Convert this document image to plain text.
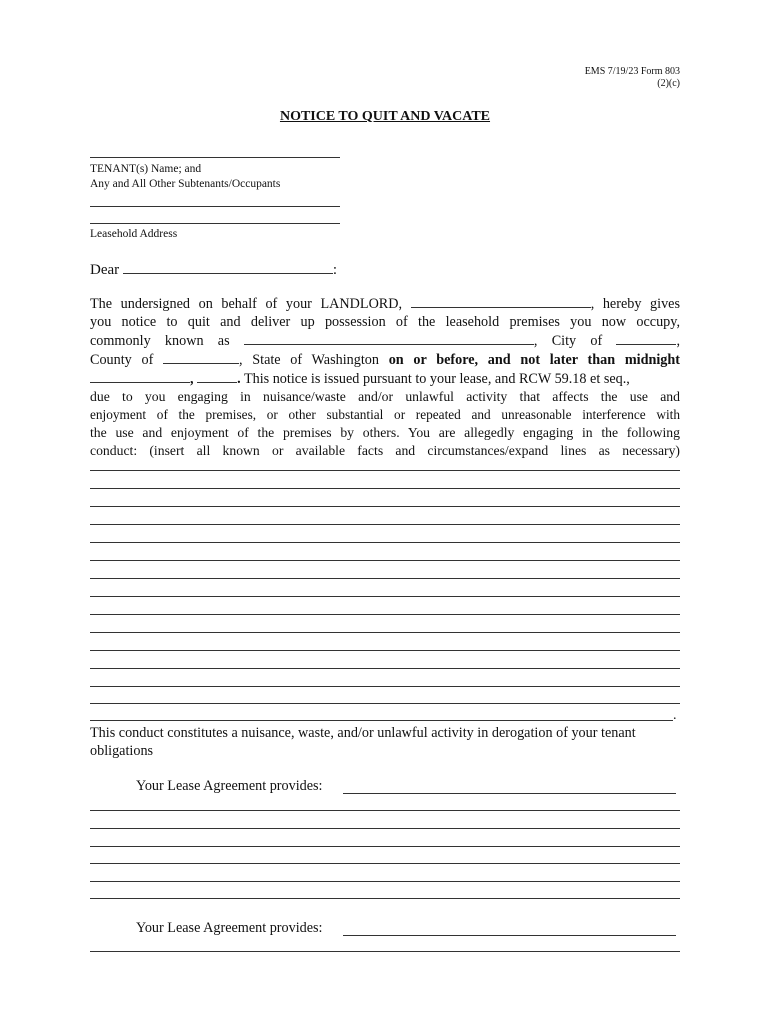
EMS 7/19/23 Form 803
(2)(c)
NOTICE TO QUIT AND VACATE
TENANT(s) Name; and
Any and All Other Subtenants/Occupants
Leasehold Address
Dear	:
The undersigned on behalf of your LANDLORD,	, hereby gives
you notice to quit and deliver up possession of the leasehold premises you now occupy,
commonly known as	, City of	,
County of	, State of Washington on or before, and not later than midnight
,	. This notice is issued pursuant to your lease, and RCW 59.18 et seq.,
due to you engaging in nuisance/waste and/or unlawful activity that affects the use and
enjoyment of the premises, or other substantial or repeated and unreasonable interference with
the use and enjoyment of the premises by others. You are allegedly engaging in the following
conduct: (insert all known or available facts and circumstances/expand lines as necessary)
.
This conduct constitutes a nuisance, waste, and/or unlawful activity in derogation of your tenant
obligations
Your Lease Agreement provides:
Your Lease Agreement provides:
